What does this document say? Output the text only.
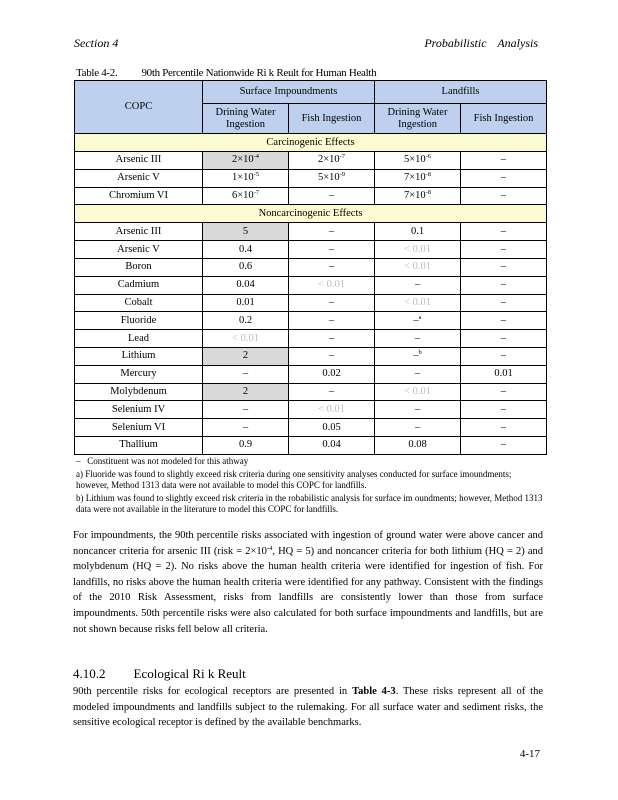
Section 4	Probabilistic Analysis
Table 4-2. 90th Percentile Nationwide Ri k Reult for Human Health
COPC	Surface Impoundments		Landfills	
	Drining Water Ingestion	Fish Ingestion	Drining Water Ingestion	Fish Ingestion
Carcinogenic Effects				
Arsenic III	$2\times 10^{-4}$	$2\times 10^{-7}$	$5\times 10^{-6}$	–
Arsenic V	$1\times 10^{-5}$	$5\times 10^{-9}$	$7\times 10^{-8}$	–
Chromium VI	$6\times 10^{-7}$	–	$7\times 10^{-8}$	–
Noncarcinogenic Effects				
Arsenic III	5	–	0.1	–
Arsenic V	0.4	–	< 0.01	–
Boron	0.6	–	< 0.01	–
Cadmium	0.04	< 0.01	–	–
Cobalt	0.01	–	< 0.01	–
Fluoride	0.2	–	–$^a$	–
Lead	< 0.01	–	–	–
Lithium	2	–	–$^b$	–
Mercury	–	0.02	–	0.01
Molybdenum	2	–	< 0.01	–
Selenium IV	–	< 0.01	–	–
Selenium VI	–	0.05	–	–
Thallium	0.9	0.04	0.08	–
– Constituent was not modeled for this athway
a) Fluoride was found to slightly exceed risk criteria during one sensitivity analyses conducted for surface imoundments; however, Method 1313 data were not available to model this COPC for landfills.
b) Lithium was found to slightly exceed risk criteria in the robabilistic analysis for surface im oundments; however, Method 1313 data were not available in the literature to model this COPC for landfills.
For impoundments, the 90th percentile risks associated with ingestion of ground water were above cancer and noncancer criteria for arsenic III (risk = $2\times 10^{-4}$, HQ = 5) and noncancer criteria for both lithium (HQ = 2) and molybdenum (HQ = 2). No risks above the human health criteria were identified for ingestion of fish. For landfills, no risks above the human health criteria were identified for any pathway. Consistent with the findings of the 2010 Risk Assessment, risks from landfills are consistently lower than those from surface impoundments. 50th percentile risks were also calculated for both surface impoundments and landfills, but are not shown because risks fell below all criteria.
4.10.2 Ecological Ri k Reult
90th percentile risks for ecological receptors are presented in Table 4-3. These risks represent all of the modeled impoundments and landfills subject to the rulemaking. For all surface water and sediment risks, the sensitive ecological receptor is defined by the available benchmarks.
4-17
